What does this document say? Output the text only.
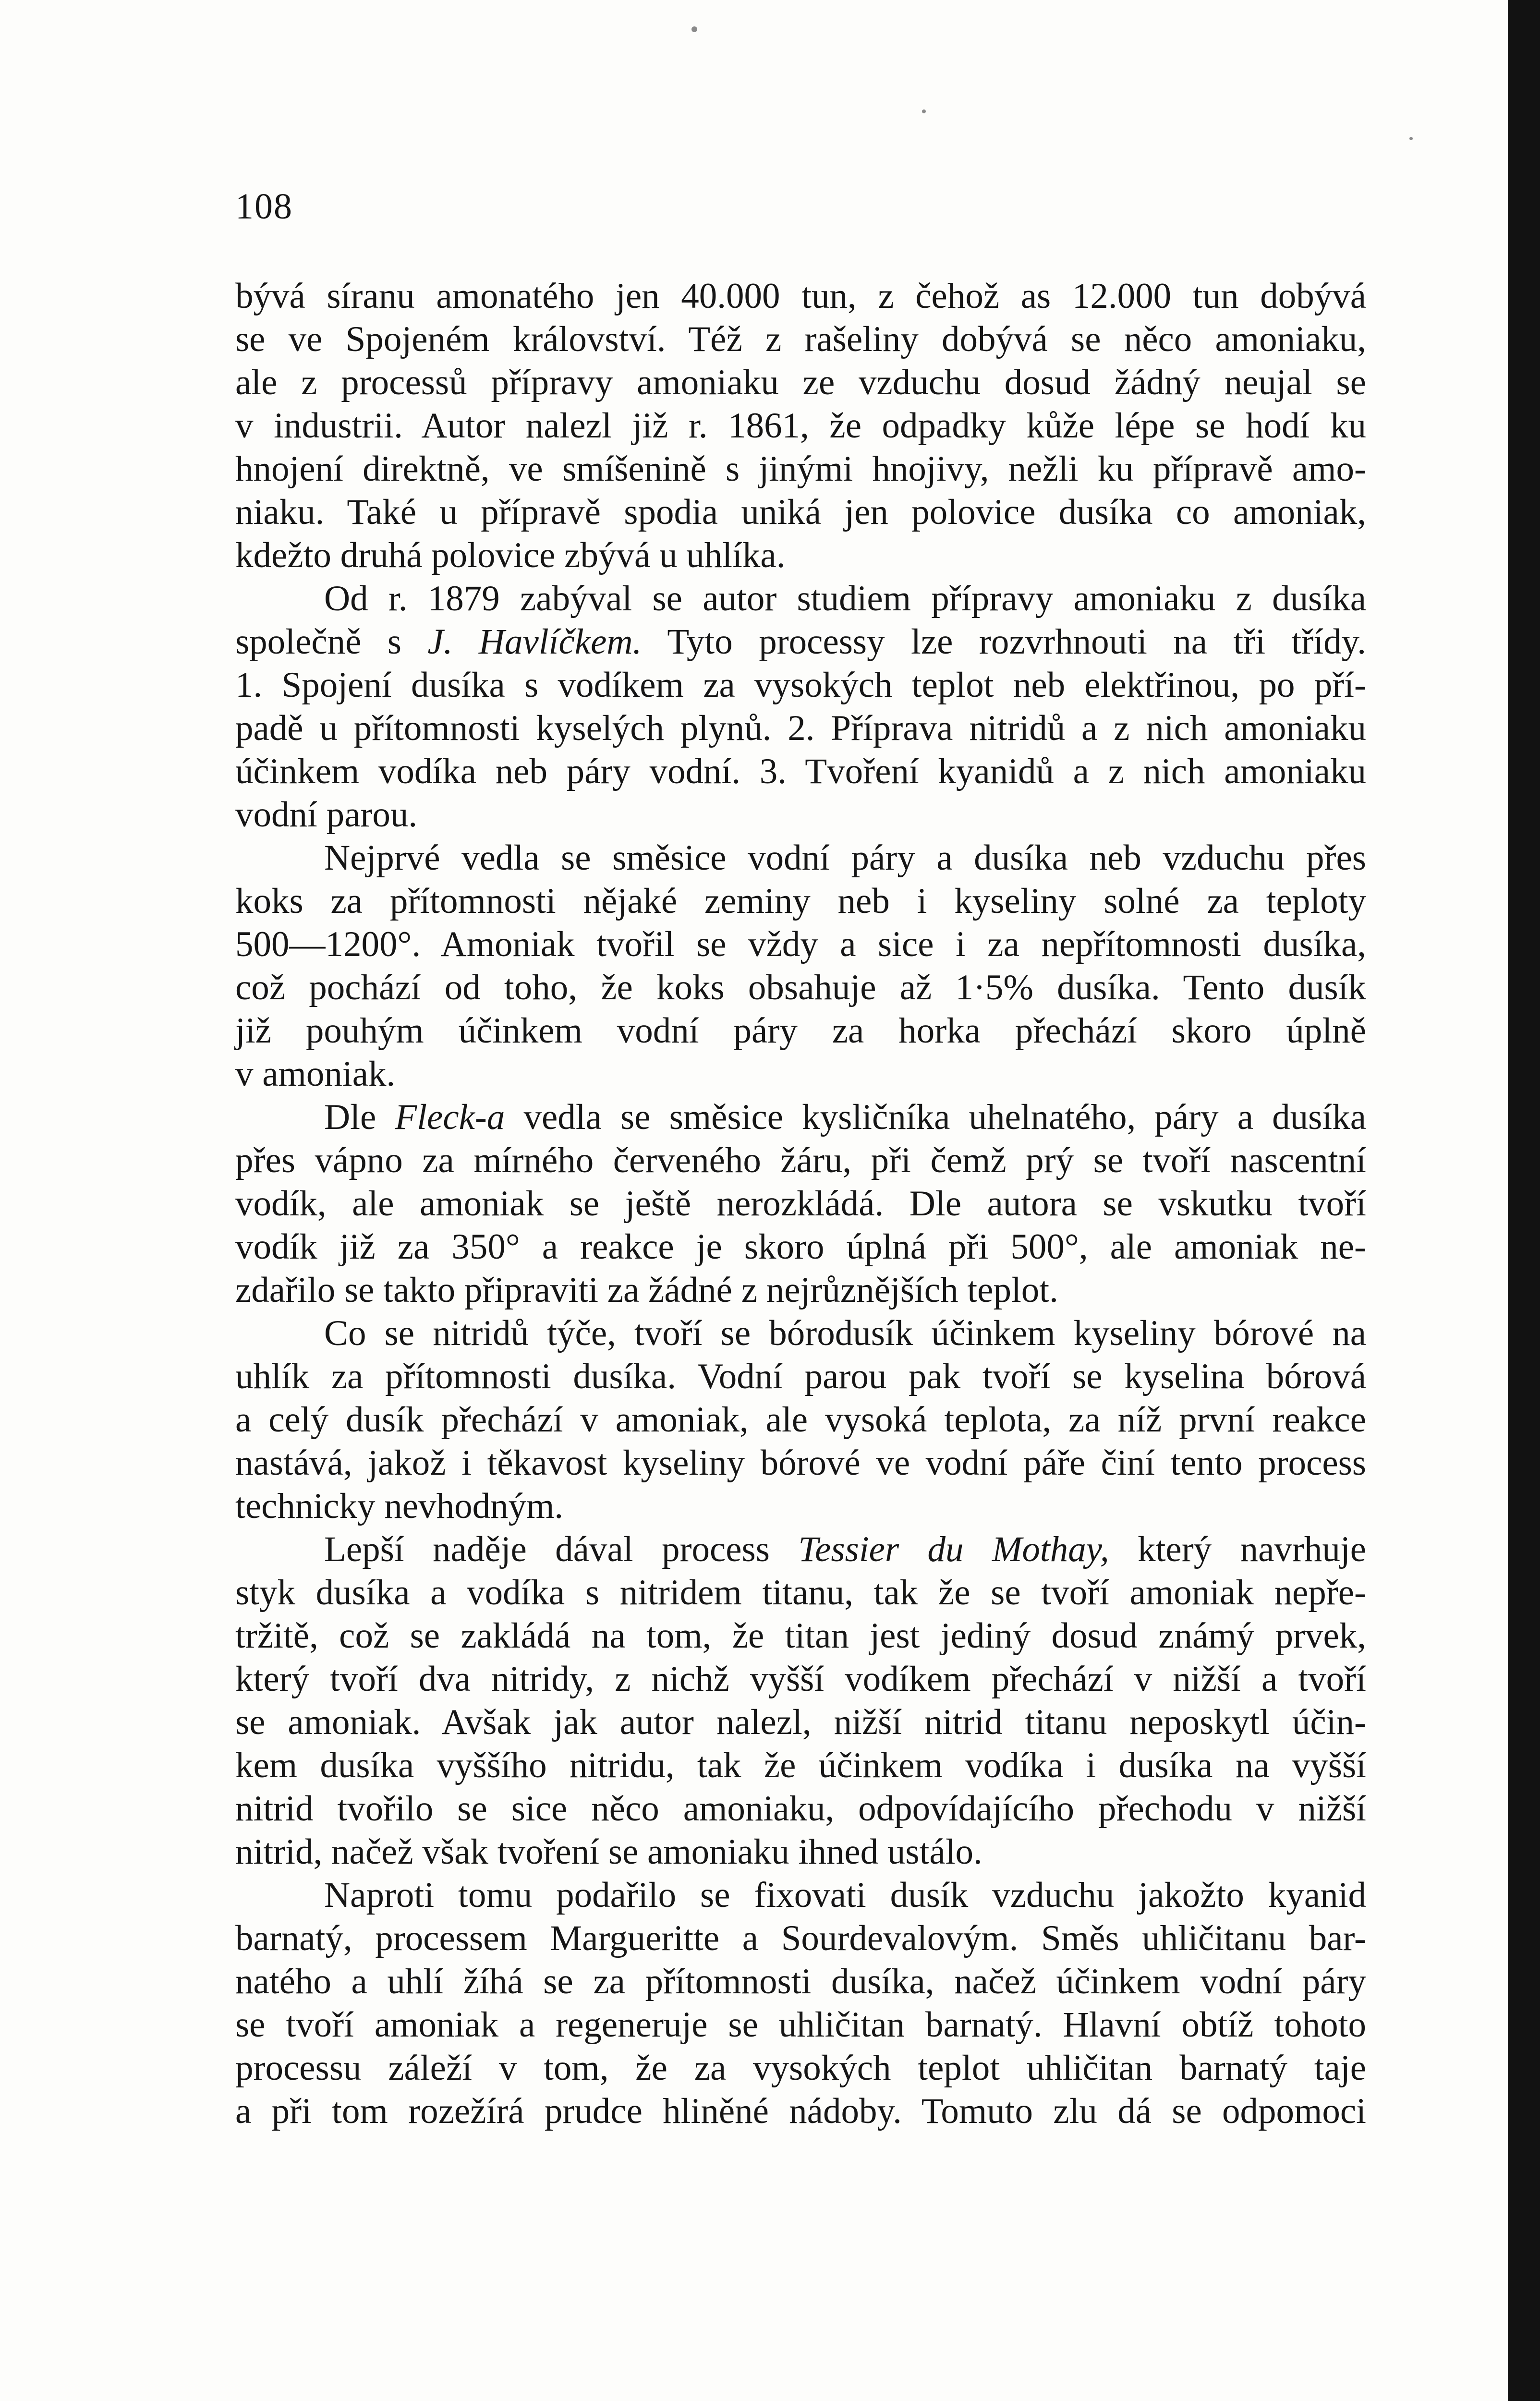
108
bývá síranu amonatého jen 40.000 tun, z čehož as 12.000 tun dobývá
se ve Spojeném království. Též z rašeliny dobývá se něco amoniaku,
ale z processů přípravy amoniaku ze vzduchu dosud žádný neujal se
v industrii. Autor nalezl již r. 1861, že odpadky kůže lépe se hodí ku
hnojení direktně, ve smíšenině s jinými hnojivy, nežli ku přípravě amo-
niaku. Také u přípravě spodia uniká jen polovice dusíka co amoniak,
kdežto druhá polovice zbývá u uhlíka.
Od r. 1879 zabýval se autor studiem přípravy amoniaku z dusíka
společně s J. Havlíčkem. Tyto processy lze rozvrhnouti na tři třídy.
1. Spojení dusíka s vodíkem za vysokých teplot neb elektřinou, po pří-
padě u přítomnosti kyselých plynů. 2. Příprava nitridů a z nich amoniaku
účinkem vodíka neb páry vodní. 3. Tvoření kyanidů a z nich amoniaku
vodní parou.
Nejprvé vedla se směsice vodní páry a dusíka neb vzduchu přes
koks za přítomnosti nějaké zeminy neb i kyseliny solné za teploty
500—1200°. Amoniak tvořil se vždy a sice i za nepřítomnosti dusíka,
což pochází od toho, že koks obsahuje až 1·5% dusíka. Tento dusík
již pouhým účinkem vodní páry za horka přechází skoro úplně
v amoniak.
Dle Fleck-a vedla se směsice kysličníka uhelnatého, páry a dusíka
přes vápno za mírného červeného žáru, při čemž prý se tvoří nascentní
vodík, ale amoniak se ještě nerozkládá. Dle autora se vskutku tvoří
vodík již za 350° a reakce je skoro úplná při 500°, ale amoniak ne-
zdařilo se takto připraviti za žádné z nejrůznějších teplot.
Co se nitridů týče, tvoří se bórodusík účinkem kyseliny bórové na
uhlík za přítomnosti dusíka. Vodní parou pak tvoří se kyselina bórová
a celý dusík přechází v amoniak, ale vysoká teplota, za níž první reakce
nastává, jakož i těkavost kyseliny bórové ve vodní páře činí tento process
technicky nevhodným.
Lepší naděje dával process Tessier du Mothay, který navrhuje
styk dusíka a vodíka s nitridem titanu, tak že se tvoří amoniak nepře-
tržitě, což se zakládá na tom, že titan jest jediný dosud známý prvek,
který tvoří dva nitridy, z nichž vyšší vodíkem přechází v nižší a tvoří
se amoniak. Avšak jak autor nalezl, nižší nitrid titanu neposkytl účin-
kem dusíka vyššího nitridu, tak že účinkem vodíka i dusíka na vyšší
nitrid tvořilo se sice něco amoniaku, odpovídajícího přechodu v nižší
nitrid, načež však tvoření se amoniaku ihned ustálo.
Naproti tomu podařilo se fixovati dusík vzduchu jakožto kyanid
barnatý, processem Margueritte a Sourdevalovým. Směs uhličitanu bar-
natého a uhlí žíhá se za přítomnosti dusíka, načež účinkem vodní páry
se tvoří amoniak a regeneruje se uhličitan barnatý. Hlavní obtíž tohoto
processu záleží v tom, že za vysokých teplot uhličitan barnatý taje
a při tom rozežírá prudce hliněné nádoby. Tomuto zlu dá se odpomoci
